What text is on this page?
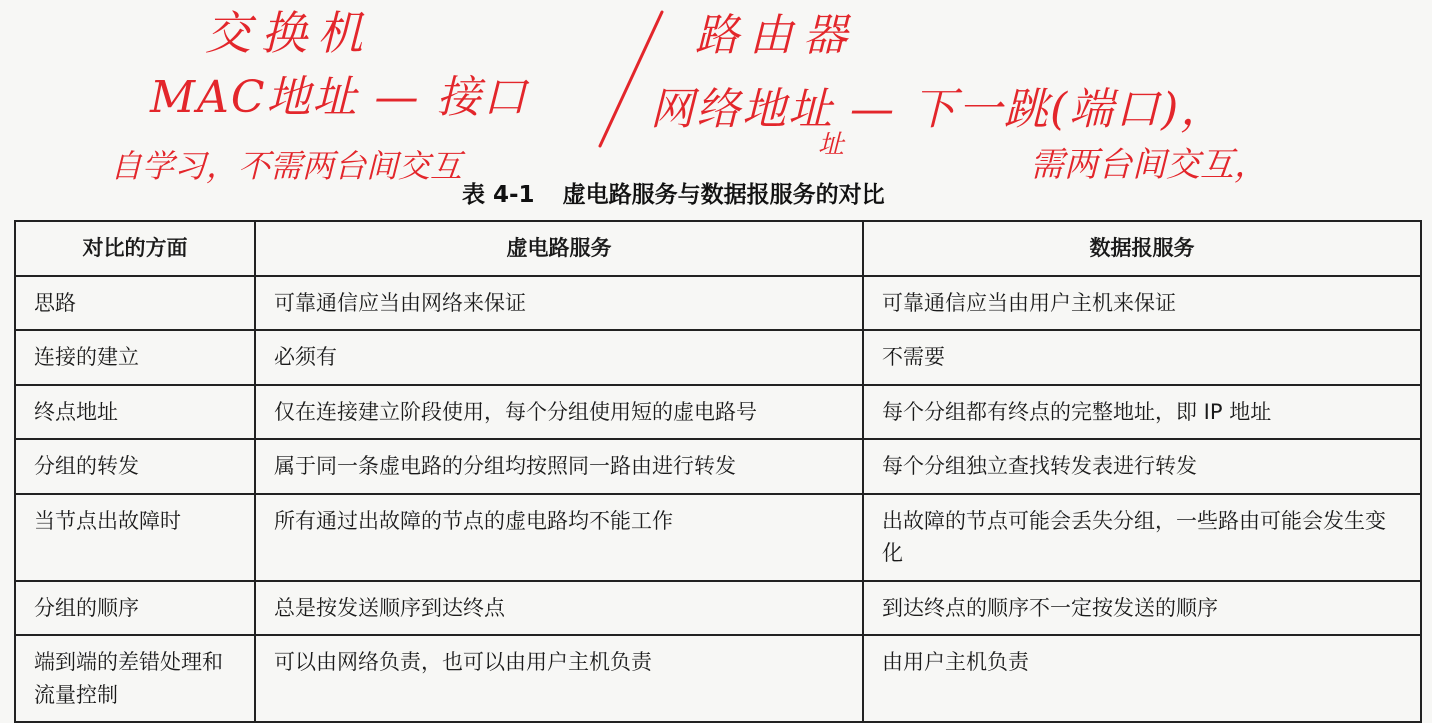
交换机	路由器
MAC地址 — 接口	网络地址 — 下一跳(端口)，
址
自学习，不需两台间交互	需两台间交互，
表 4-1 虚电路服务与数据报服务的对比
对比的方面	虚电路服务	数据报服务
思路	可靠通信应当由网络来保证	可靠通信应当由用户主机来保证
连接的建立	必须有	不需要
终点地址	仅在连接建立阶段使用，每个分组使用短的虚电路号	每个分组都有终点的完整地址，即 IP 地址
分组的转发	属于同一条虚电路的分组均按照同一路由进行转发	每个分组独立查找转发表进行转发
当节点出故障时	所有通过出故障的节点的虚电路均不能工作	出故障的节点可能会丢失分组，一些路由可能会发生变化
分组的顺序	总是按发送顺序到达终点	到达终点的顺序不一定按发送的顺序
端到端的差错处理和流量控制	可以由网络负责，也可以由用户主机负责	由用户主机负责
